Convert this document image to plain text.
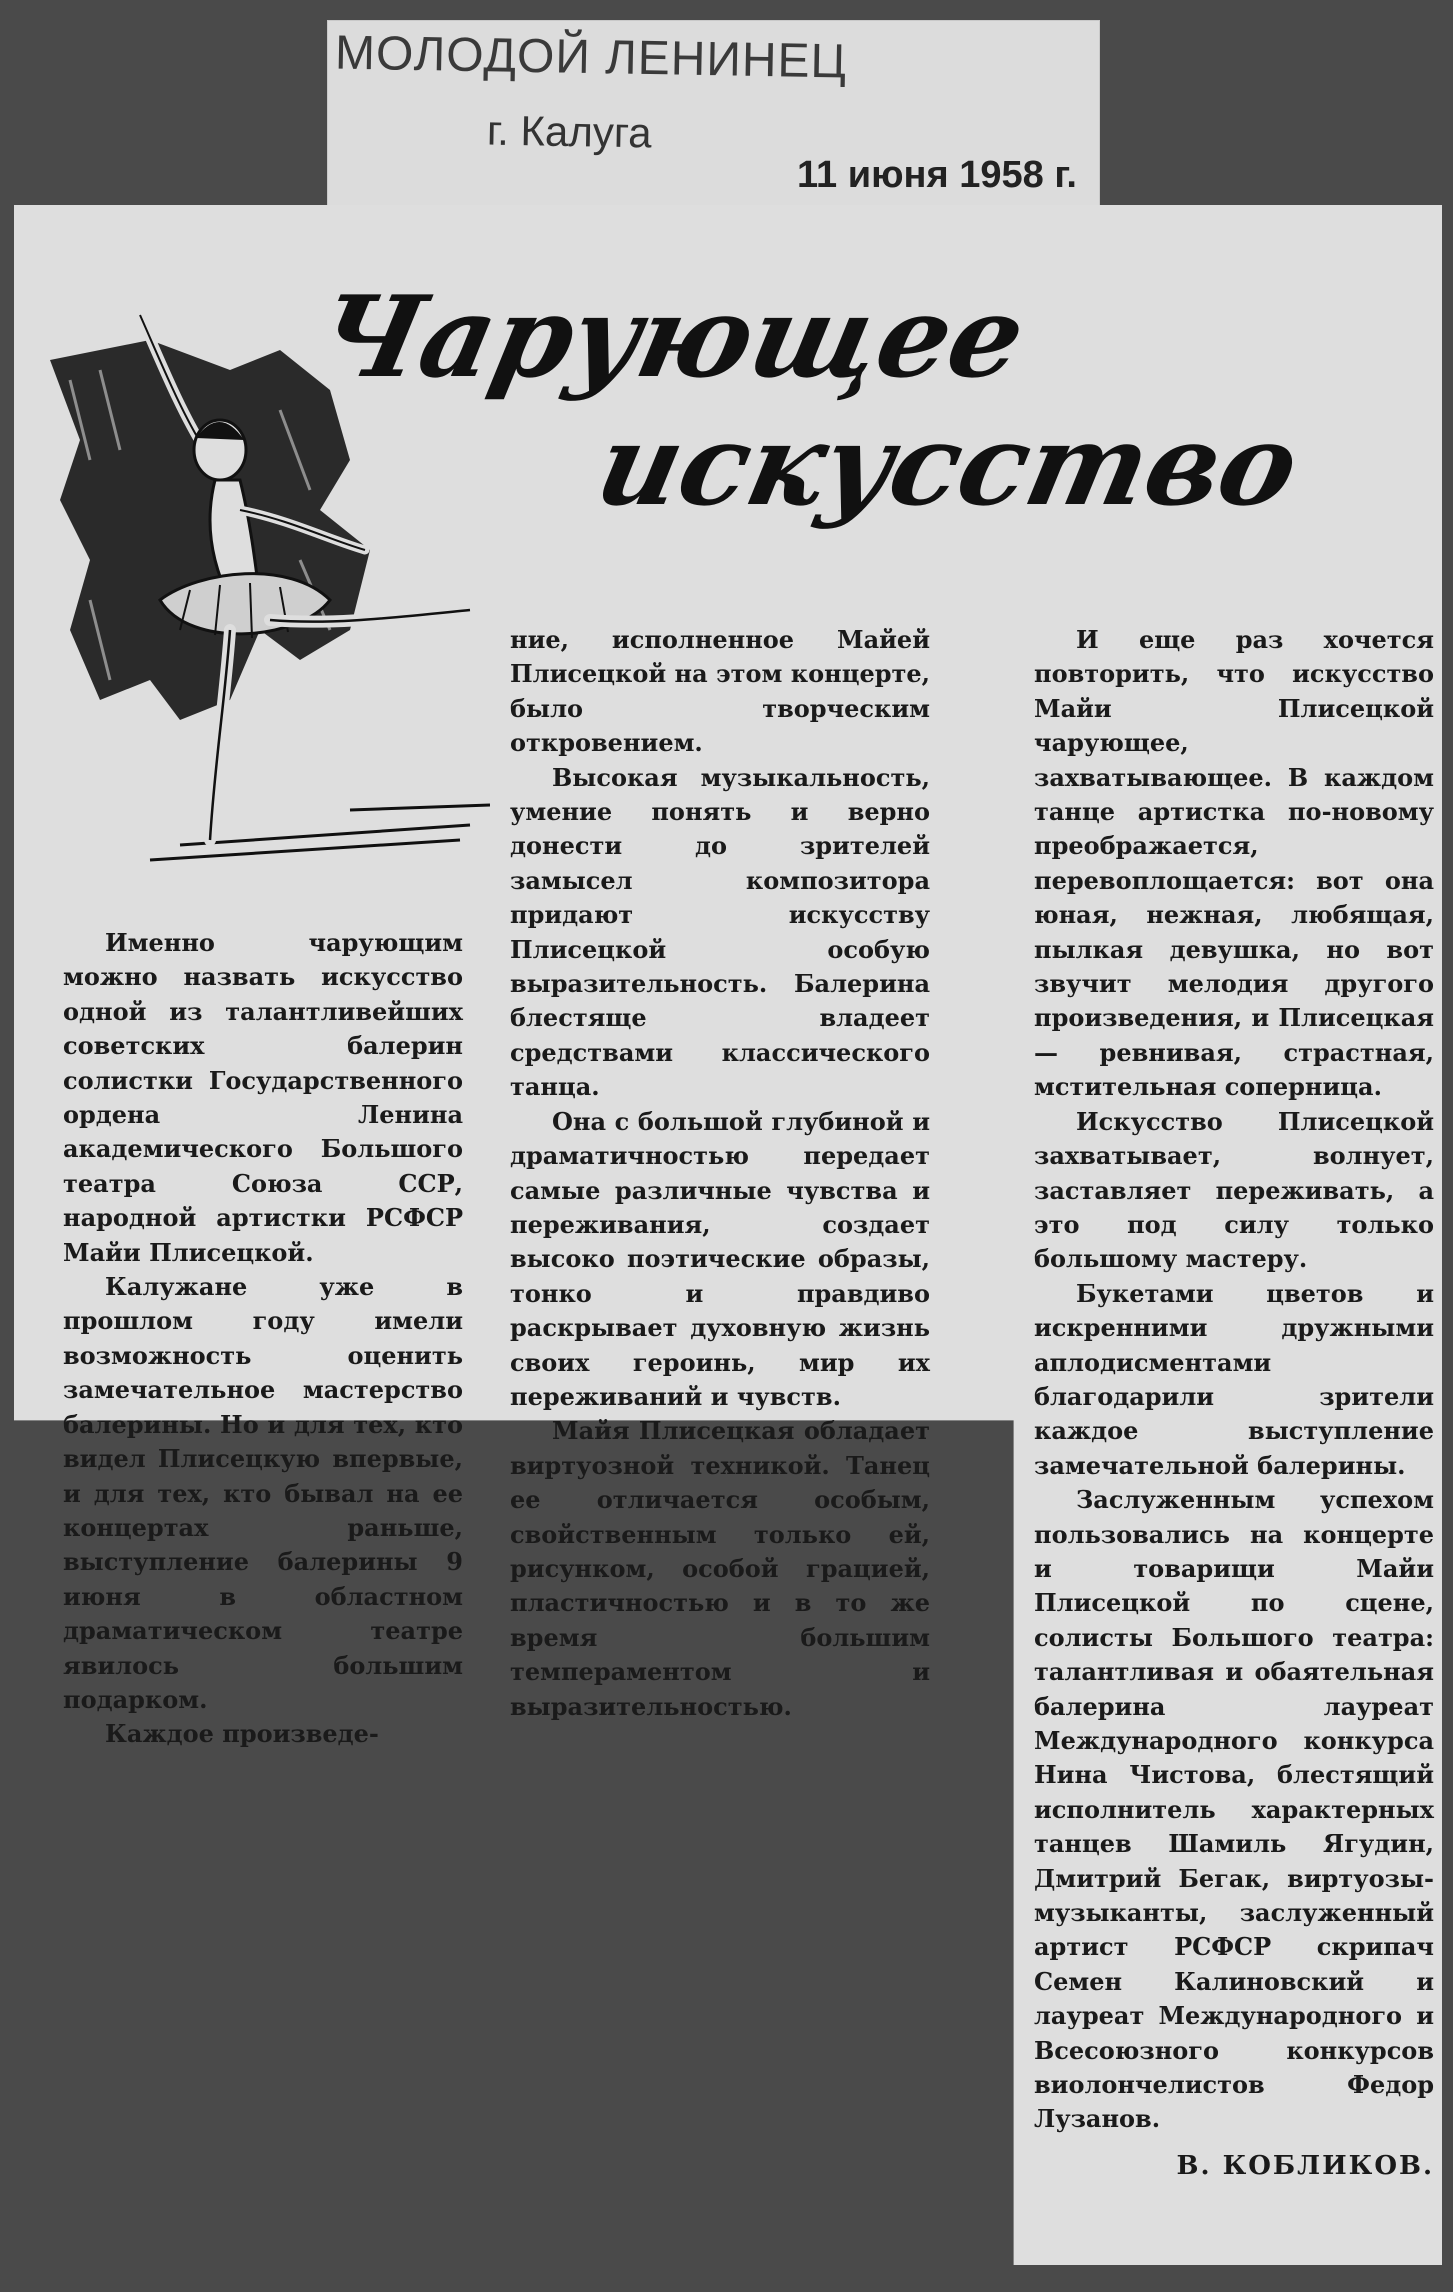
МОЛОДОЙ ЛЕНИНЕЦ
г. Калуга
11 июня 1958 г.
Чарующее
искусство

Именно чарующим можно назвать искусство одной из талантливейших советских балерин солистки Государственного ордена Ленина академического Большого театра Союза ССР, народной артистки РСФСР Майи Плисецкой.

Калужане уже в прошлом году имели возможность оценить замечательное мастерство балерины. Но и для тех, кто видел Плисецкую впервые, и для тех, кто бывал на ее концертах раньше, выступление балерины 9 июня в областном драматическом театре явилось большим подарком.

Каждое произведе-

ние, исполненное Майей Плисецкой на этом концерте, было творческим откровением.

Высокая музыкальность, умение понять и верно донести до зрителей замысел композитора придают искусству Плисецкой особую выразительность. Балерина блестяще владеет средствами классического танца.

Она с большой глубиной и драматичностью передает самые различные чувства и переживания, создает высоко поэтические образы, тонко и правдиво раскрывает духовную жизнь своих героинь, мир их переживаний и чувств.

Майя Плисецкая обладает виртуозной техникой. Танец ее отличается особым, свойственным только ей, рисунком, особой грацией, пластичностью и в то же время большим темпераментом и выразительностью.

И еще раз хочется повторить, что искусство Майи Плисецкой чарующее, захватывающее. В каждом танце артистка по-новому преображается, перевоплощается: вот она юная, нежная, любящая, пылкая девушка, но вот звучит мелодия другого произведения, и Плисецкая — ревнивая, страстная, мстительная соперница.

Искусство Плисецкой захватывает, волнует, заставляет переживать, а это под силу только большому мастеру.

Букетами цветов и искренними дружными аплодисментами благодарили зрители каждое выступление замечательной балерины.

Заслуженным успехом пользовались на концерте и товарищи Майи Плисецкой по сцене, солисты Большого театра: талантливая и обаятельная балерина лауреат Международного конкурса Нина Чистова, блестящий исполнитель характерных танцев Шамиль Ягудин, Дмитрий Бегак, виртуозы-музыканты, заслуженный артист РСФСР скрипач Семен Калиновский и лауреат Международного и Всесоюзного конкурсов виолончелистов Федор Лузанов.

В. КОБЛИКОВ.
